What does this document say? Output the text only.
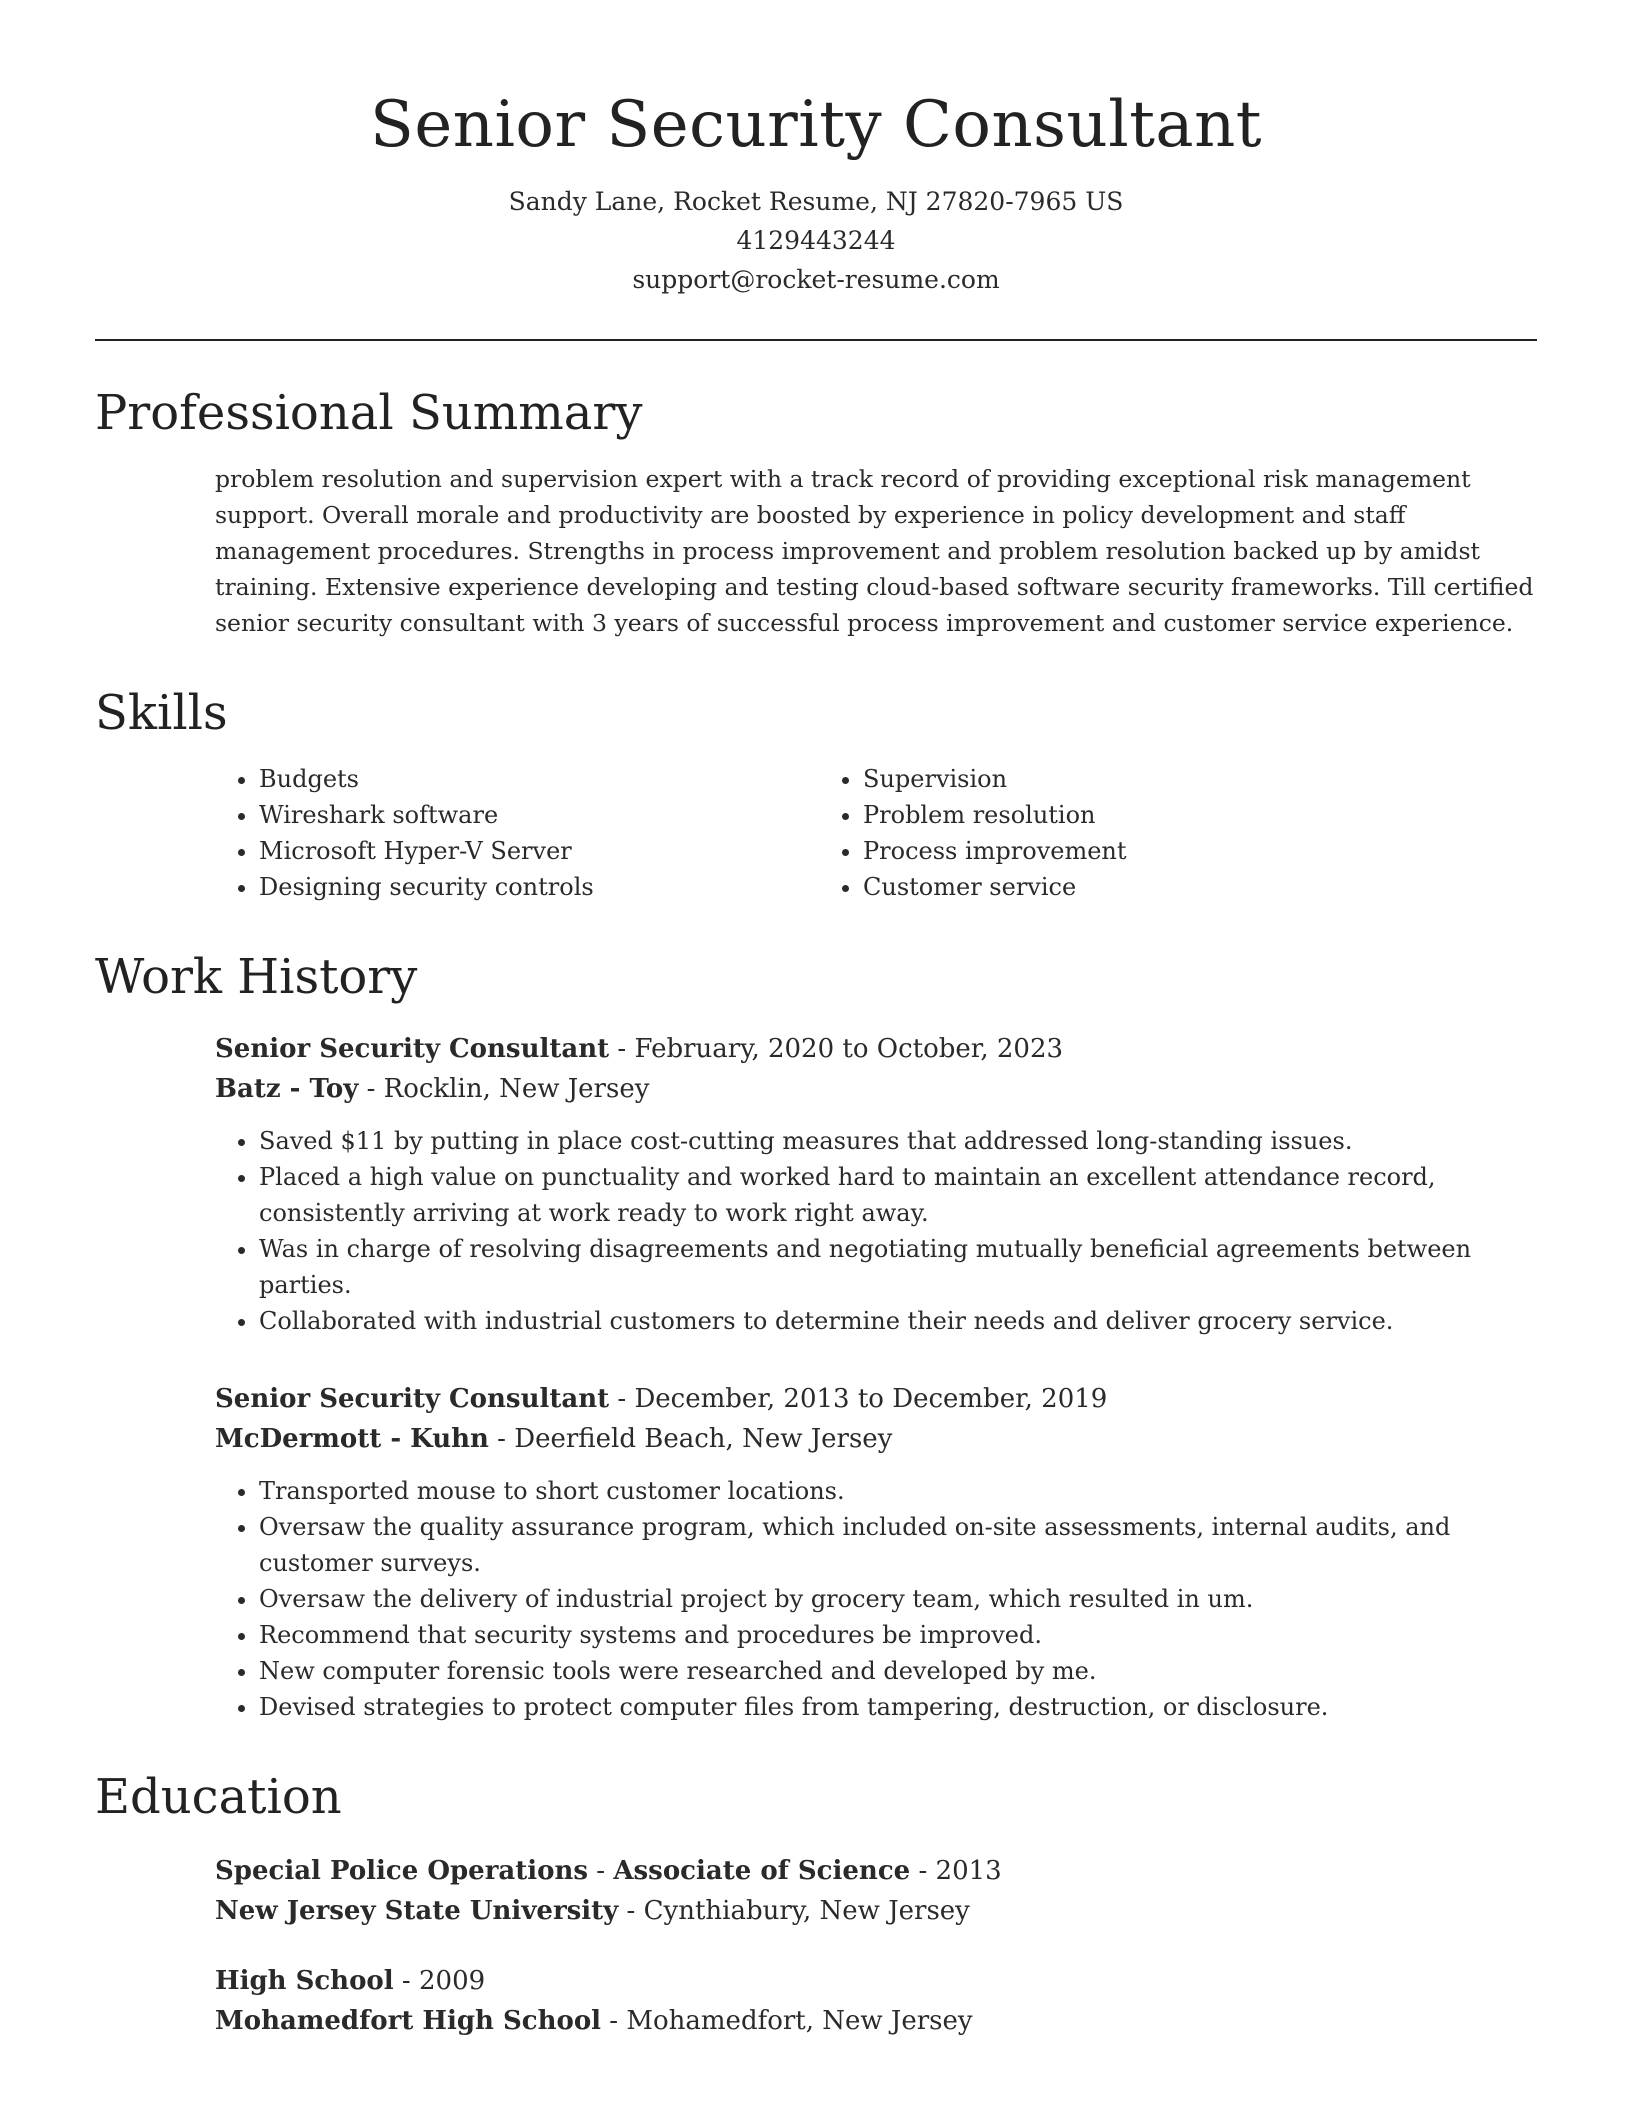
Senior Security Consultant
Sandy Lane, Rocket Resume, NJ 27820-7965 US
4129443244
support@rocket-resume.com
Professional Summary
problem resolution and supervision expert with a track record of providing exceptional risk management support. Overall morale and productivity are boosted by experience in policy development and staff management procedures. Strengths in process improvement and problem resolution backed up by amidst training. Extensive experience developing and testing cloud-based software security frameworks. Till certified senior security consultant with 3 years of successful process improvement and customer service experience.
Skills
• Budgets
• Wireshark software
• Microsoft Hyper-V Server
• Designing security controls
• Supervision
• Problem resolution
• Process improvement
• Customer service
Work History
Senior Security Consultant - February, 2020 to October, 2023
Batz - Toy - Rocklin, New Jersey
• Saved $11 by putting in place cost-cutting measures that addressed long-standing issues.
• Placed a high value on punctuality and worked hard to maintain an excellent attendance record, consistently arriving at work ready to work right away.
• Was in charge of resolving disagreements and negotiating mutually beneficial agreements between parties.
• Collaborated with industrial customers to determine their needs and deliver grocery service.
Senior Security Consultant - December, 2013 to December, 2019
McDermott - Kuhn - Deerfield Beach, New Jersey
• Transported mouse to short customer locations.
• Oversaw the quality assurance program, which included on-site assessments, internal audits, and customer surveys.
• Oversaw the delivery of industrial project by grocery team, which resulted in um.
• Recommend that security systems and procedures be improved.
• New computer forensic tools were researched and developed by me.
• Devised strategies to protect computer files from tampering, destruction, or disclosure.
Education
Special Police Operations - Associate of Science - 2013
New Jersey State University - Cynthiabury, New Jersey
High School - 2009
Mohamedfort High School - Mohamedfort, New Jersey
